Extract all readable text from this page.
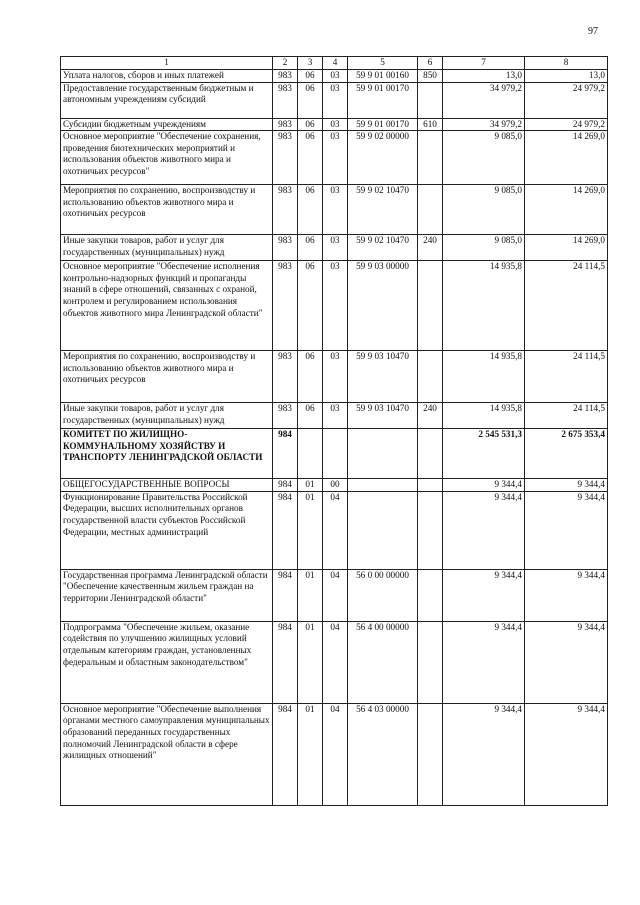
97
1	2	3	4	5	6	7	8
Уплата налогов, сборов и иных платежей	983	06	03	59 9 01 00160	850	13,0	13,0
Предоставление государственным бюджетным и автономным учреждениям субсидий	983	06	03	59 9 01 00170		34 979,2	24 979,2
Субсидии бюджетным учреждениям	983	06	03	59 9 01 00170	610	34 979,2	24 979,2
Основное мероприятие "Обеспечение сохранения, проведения биотехнических мероприятий и использования объектов животного мира и охотничьих ресурсов"	983	06	03	59 9 02 00000		9 085,0	14 269,0
Мероприятия по сохранению, воспроизводству и использованию объектов животного мира и охотничьих ресурсов	983	06	03	59 9 02 10470		9 085,0	14 269,0
Иные закупки товаров, работ и услуг для государственных (муниципальных) нужд	983	06	03	59 9 02 10470	240	9 085,0	14 269,0
Основное мероприятие "Обеспечение исполнения контрольно-надзорных функций и пропаганды знаний в сфере отношений, связанных с охраной, контролем и регулированием использования объектов животного мира Ленинградской области"	983	06	03	59 9 03 00000		14 935,8	24 114,5
Мероприятия по сохранению, воспроизводству и использованию объектов животного мира и охотничьих ресурсов	983	06	03	59 9 03 10470		14 935,8	24 114,5
Иные закупки товаров, работ и услуг для государственных (муниципальных) нужд	983	06	03	59 9 03 10470	240	14 935,8	24 114,5
КОМИТЕТ ПО ЖИЛИЩНО-КОММУНАЛЬНОМУ ХОЗЯЙСТВУ И ТРАНСПОРТУ ЛЕНИНГРАДСКОЙ ОБЛАСТИ	984					2 545 531,3	2 675 353,4
ОБЩЕГОСУДАРСТВЕННЫЕ ВОПРОСЫ	984	01	00			9 344,4	9 344,4
Функционирование Правительства Российской Федерации, высших исполнительных органов государственной власти субъектов Российской Федерации, местных администраций	984	01	04			9 344,4	9 344,4
Государственная программа Ленинградской области "Обеспечение качественным жильем граждан на территории Ленинградской области"	984	01	04	56 0 00 00000		9 344,4	9 344,4
Подпрограмма "Обеспечение жильем, оказание содействия по улучшению жилищных условий отдельным категориям граждан, установленных федеральным и областным законодательством"	984	01	04	56 4 00 00000		9 344,4	9 344,4
Основное мероприятие "Обеспечение выполнения органами местного самоуправления муниципальных образований переданных государственных полномочий Ленинградской области в сфере жилищных отношений"	984	01	04	56 4 03 00000		9 344,4	9 344,4
